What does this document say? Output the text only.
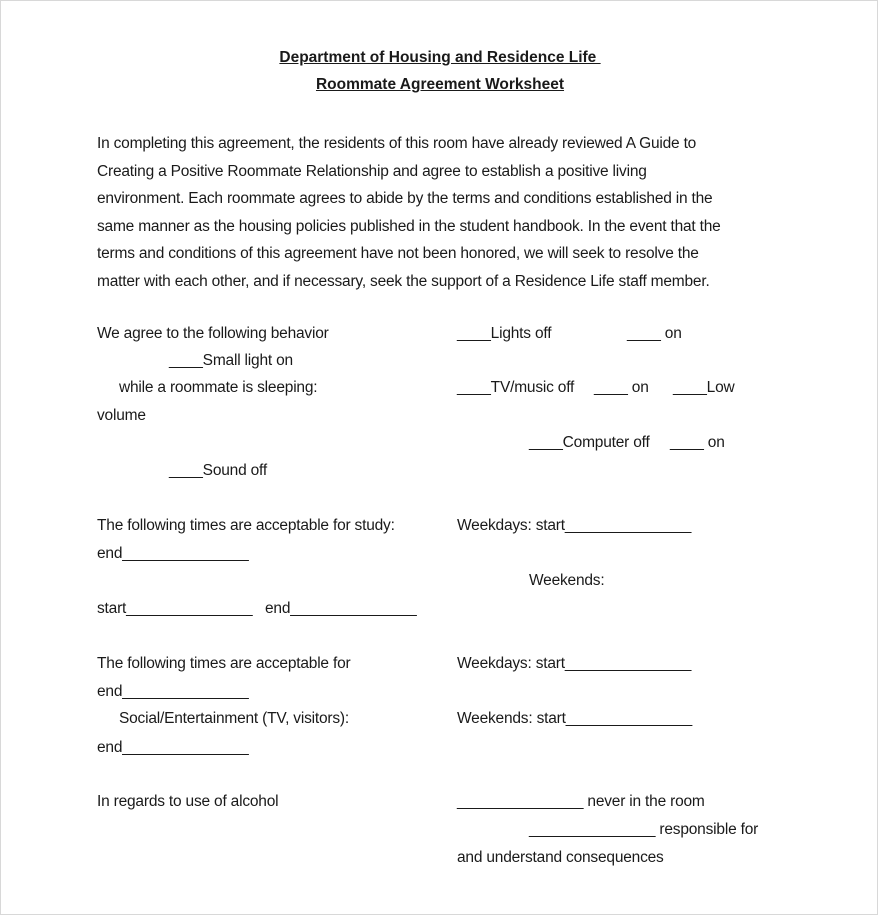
Department of Housing and Residence Life
Roommate Agreement Worksheet
In completing this agreement, the residents of this room have already reviewed A Guide to
Creating a Positive Roommate Relationship and agree to establish a positive living
environment. Each roommate agrees to abide by the terms and conditions established in the
same manner as the housing policies published in the student handbook. In the event that the
terms and conditions of this agreement have not been honored, we will seek to resolve the
matter with each other, and if necessary, seek the support of a Residence Life staff member.
We agree to the following behavior	____Lights off	____ on
____Small light on
while a roommate is sleeping:	____TV/music off ____ on ____Low
volume
____Computer off ____ on
____Sound off
The following times are acceptable for study:	Weekdays: start_______________
end_______________
Weekends:
start_______________ end_______________
The following times are acceptable for	Weekdays: start_______________
end_______________
Social/Entertainment (TV, visitors):	Weekends: start_______________
end_______________
In regards to use of alcohol	_______________ never in the room
_______________ responsible for
and understand consequences
